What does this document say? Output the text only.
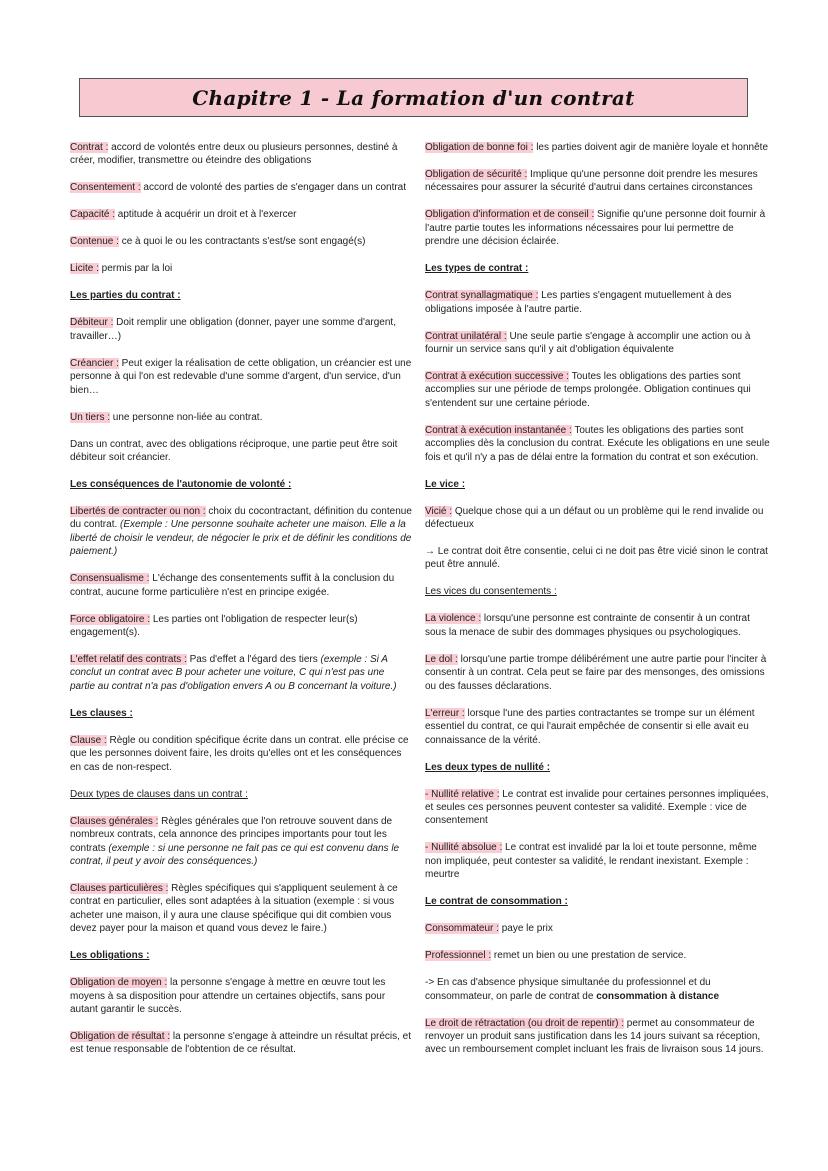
Chapitre 1 - La formation d'un contrat

Contrat : accord de volontés entre deux ou plusieurs personnes, destiné à créer, modifier, transmettre ou éteindre des obligations

Consentement : accord de volonté des parties de s'engager dans un contrat

Capacité : aptitude à acquérir un droit et à l'exercer

Contenue : ce à quoi le ou les contractants s'est/se sont engagé(s)

Licite : permis par la loi

Les parties du contrat :

Débiteur : Doit remplir une obligation (donner, payer une somme d'argent, travailler…)

Créancier : Peut exiger la réalisation de cette obligation, un créancier est une personne à qui l'on est redevable d'une somme d'argent, d'un service, d'un bien…

Un tiers : une personne non-liée au contrat.

Dans un contrat, avec des obligations réciproque, une partie peut être soit débiteur soit créancier.

Les conséquences de l'autonomie de volonté :

Libertés de contracter ou non : choix du cocontractant, définition du contenue du contrat. (Exemple : Une personne souhaite acheter une maison. Elle a la liberté de choisir le vendeur, de négocier le prix et de définir les conditions de paiement.)

Consensualisme : L'échange des consentements suffit à la conclusion du contrat, aucune forme particulière n'est en principe exigée.

Force obligatoire : Les parties ont l'obligation de respecter leur(s) engagement(s).

L'effet relatif des contrats : Pas d'effet a l'égard des tiers (exemple : Si A conclut un contrat avec B pour acheter une voiture, C qui n'est pas une partie au contrat n'a pas d'obligation envers A ou B concernant la voiture.)

Les clauses :

Clause : Règle ou condition spécifique écrite dans un contrat. elle précise ce que les personnes doivent faire, les droits qu'elles ont et les conséquences en cas de non-respect.

Deux types de clauses dans un contrat :

Clauses générales : Règles générales que l'on retrouve souvent dans de nombreux contrats, cela annonce des principes importants pour tout les contrats (exemple : si une personne ne fait pas ce qui est convenu dans le contrat, il peut y avoir des conséquences.)

Clauses particulières : Règles spécifiques qui s'appliquent seulement à ce contrat en particulier, elles sont adaptées à la situation (exemple : si vous acheter une maison, il y aura une clause spécifique qui dit combien vous devez payer pour la maison et quand vous devez le faire.)

Les obligations :

Obligation de moyen : la personne s'engage à mettre en œuvre tout les moyens à sa disposition pour attendre un certaines objectifs, sans pour autant garantir le succès.

Obligation de résultat : la personne s'engage à atteindre un résultat précis, et est tenue responsable de l'obtention de ce résultat.

Obligation de bonne foi : les parties doivent agir de manière loyale et honnête

Obligation de sécurité : Implique qu'une personne doit prendre les mesures nécessaires pour assurer la sécurité d'autrui dans certaines circonstances

Obligation d'information et de conseil : Signifie qu'une personne doit fournir à l'autre partie toutes les informations nécessaires pour lui permettre de prendre une décision éclairée.

Les types de contrat :

Contrat synallagmatique : Les parties s'engagent mutuellement à des obligations imposée à l'autre partie.

Contrat unilatéral : Une seule partie s'engage à accomplir une action ou à fournir un service sans qu'il y ait d'obligation équivalente

Contrat à exécution successive : Toutes les obligations des parties sont accomplies sur une période de temps prolongée. Obligation continues qui s'entendent sur une certaine période.

Contrat à exécution instantanée : Toutes les obligations des parties sont accomplies dès la conclusion du contrat. Exécute les obligations en une seule fois et qu'il n'y a pas de délai entre la formation du contrat et son exécution.

Le vice :

Vicié : Quelque chose qui a un défaut ou un problème qui le rend invalide ou défectueux

→ Le contrat doit être consentie, celui ci ne doit pas être vicié sinon le contrat peut être annulé.

Les vices du consentements :

La violence : lorsqu'une personne est contrainte de consentir à un contrat sous la menace de subir des dommages physiques ou psychologiques.

Le dol : lorsqu'une partie trompe délibérément une autre partie pour l'inciter à consentir à un contrat. Cela peut se faire par des mensonges, des omissions ou des fausses déclarations.

L'erreur : lorsque l'une des parties contractantes se trompe sur un élément essentiel du contrat, ce qui l'aurait empêchée de consentir si elle avait eu connaissance de la vérité.

Les deux types de nullité :

- Nullité relative : Le contrat est invalide pour certaines personnes impliquées, et seules ces personnes peuvent contester sa validité. Exemple : vice de consentement

- Nullité absolue : Le contrat est invalidé par la loi et toute personne, même non impliquée, peut contester sa validité, le rendant inexistant. Exemple : meurtre

Le contrat de consommation :

Consommateur : paye le prix

Professionnel : remet un bien ou une prestation de service.

-> En cas d'absence physique simultanée du professionnel et du consommateur, on parle de contrat de consommation à distance

Le droit de rétractation (ou droit de repentir) : permet au consommateur de renvoyer un produit sans justification dans les 14 jours suivant sa réception, avec un remboursement complet incluant les frais de livraison sous 14 jours.
